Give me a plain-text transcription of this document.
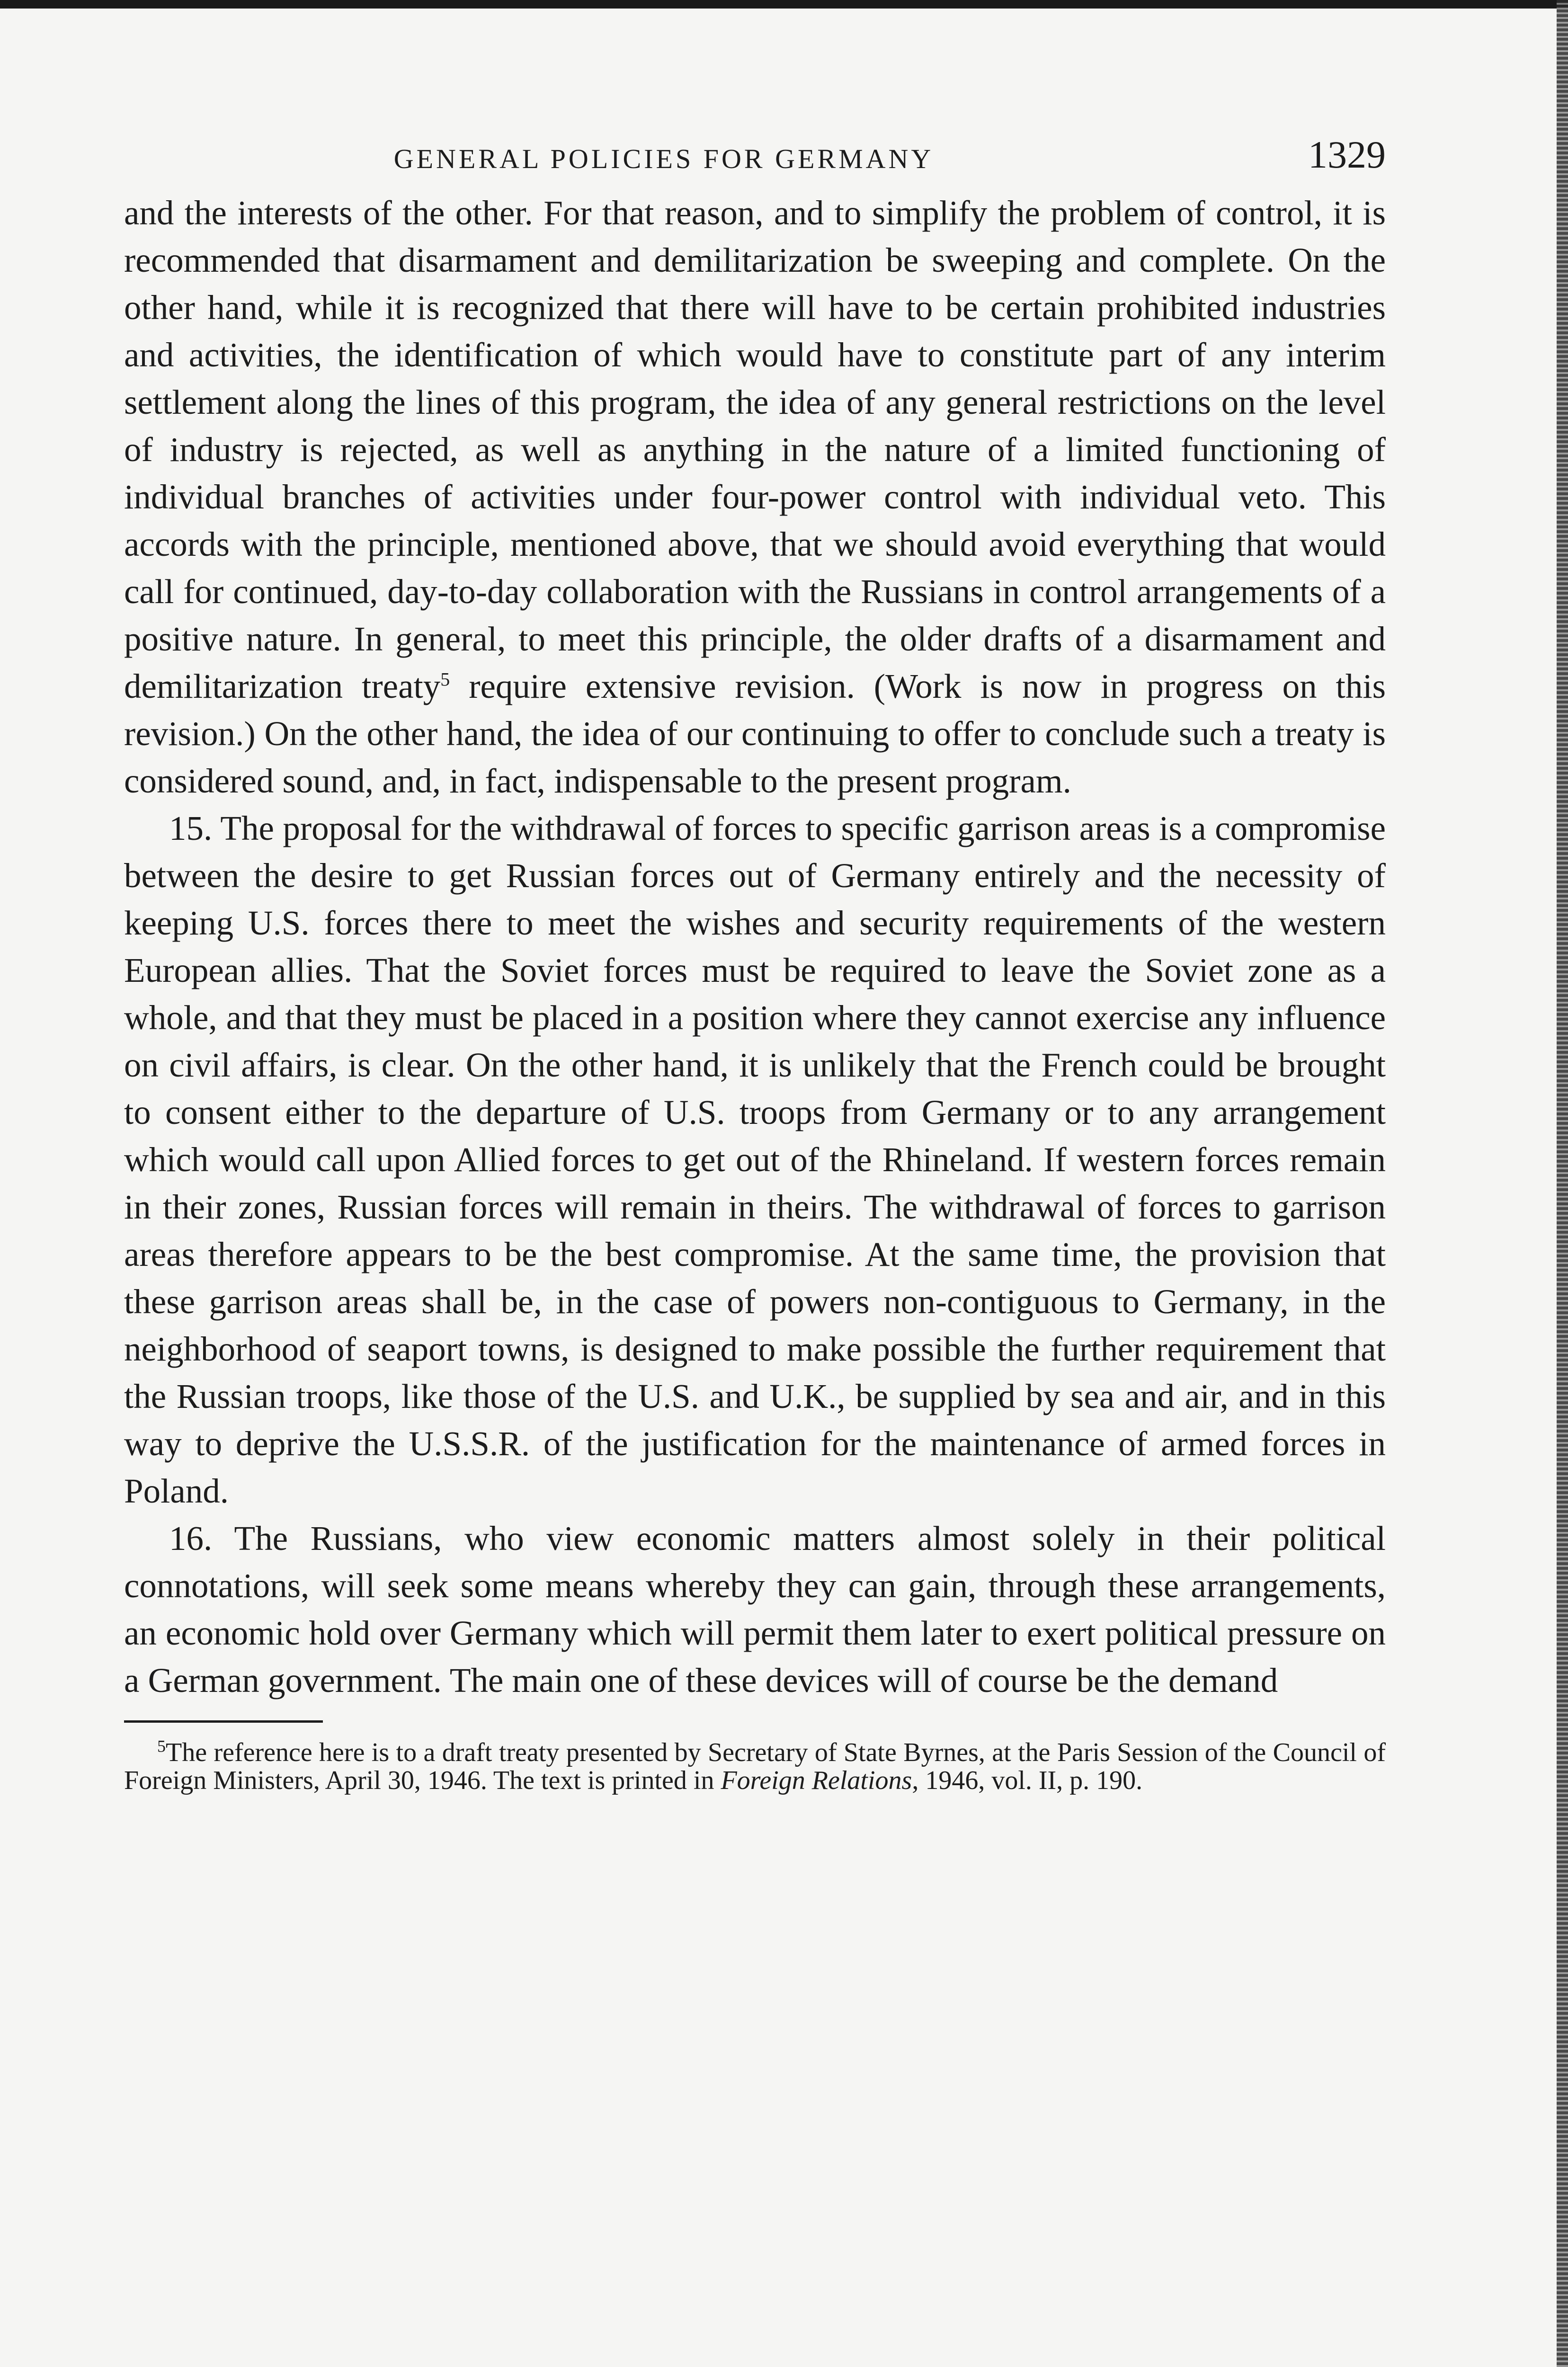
GENERAL POLICIES FOR GERMANY	1329

and the interests of the other. For that reason, and to simplify the problem of control, it is recommended that disarmament and demilitarization be sweeping and complete. On the other hand, while it is recognized that there will have to be certain prohibited industries and activities, the identification of which would have to constitute part of any interim settlement along the lines of this program, the idea of any general restrictions on the level of industry is rejected, as well as anything in the nature of a limited functioning of individual branches of activities under four-power control with individual veto. This accords with the principle, mentioned above, that we should avoid everything that would call for continued, day-to-day collaboration with the Russians in control arrangements of a positive nature. In general, to meet this principle, the older drafts of a disarmament and demilitarization treaty$^5$ require extensive revision. (Work is now in progress on this revision.) On the other hand, the idea of our continuing to offer to conclude such a treaty is considered sound, and, in fact, indispensable to the present program.

15. The proposal for the withdrawal of forces to specific garrison areas is a compromise between the desire to get Russian forces out of Germany entirely and the necessity of keeping U.S. forces there to meet the wishes and security requirements of the western European allies. That the Soviet forces must be required to leave the Soviet zone as a whole, and that they must be placed in a position where they cannot exercise any influence on civil affairs, is clear. On the other hand, it is unlikely that the French could be brought to consent either to the departure of U.S. troops from Germany or to any arrangement which would call upon Allied forces to get out of the Rhineland. If western forces remain in their zones, Russian forces will remain in theirs. The withdrawal of forces to garrison areas therefore appears to be the best compromise. At the same time, the provision that these garrison areas shall be, in the case of powers non-contiguous to Germany, in the neighborhood of seaport towns, is designed to make possible the further requirement that the Russian troops, like those of the U.S. and U.K., be supplied by sea and air, and in this way to deprive the U.S.S.R. of the justification for the maintenance of armed forces in Poland.

16. The Russians, who view economic matters almost solely in their political connotations, will seek some means whereby they can gain, through these arrangements, an economic hold over Germany which will permit them later to exert political pressure on a German government. The main one of these devices will of course be the demand

$^5$The reference here is to a draft treaty presented by Secretary of State Byrnes, at the Paris Session of the Council of Foreign Ministers, April 30, 1946. The text is printed in Foreign Relations, 1946, vol. II, p. 190.
